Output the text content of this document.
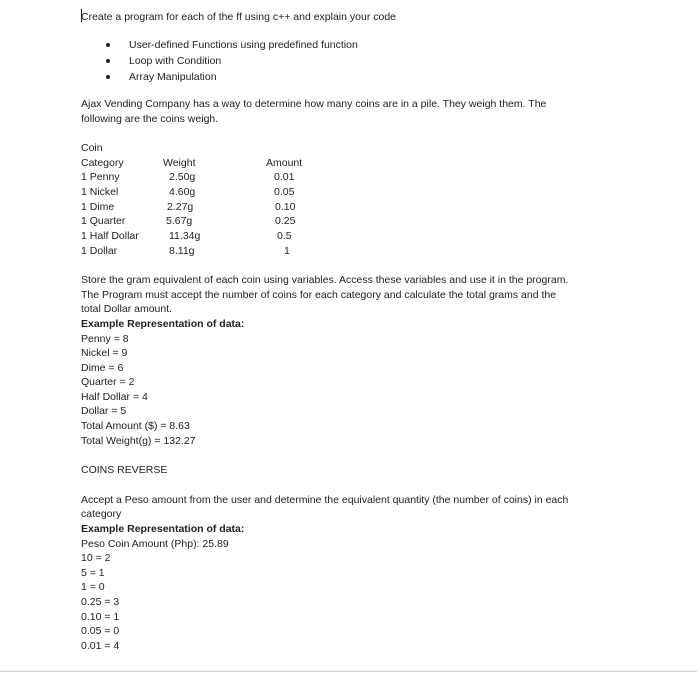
Create a program for each of the ff using c++ and explain your code
User-defined Functions using predefined function
Loop with Condition
Array Manipulation
Ajax Vending Company has a way to determine how many coins are in a pile. They weigh them. The
following are the coins weigh.
Coin
Category	Weight	Amount
1 Penny	2.50g	0.01
1 Nickel	4.60g	0.05
1 Dime	2.27g	0.10
1 Quarter	5.67g	0.25
1 Half Dollar	11.34g	0.5
1 Dollar	8.11g	1
Store the gram equivalent of each coin using variables. Access these variables and use it in the program.
The Program must accept the number of coins for each category and calculate the total grams and the
total Dollar amount.
Example Representation of data:
Penny = 8
Nickel = 9
Dime = 6
Quarter = 2
Half Dollar = 4
Dollar = 5
Total Amount ($) = 8.63
Total Weight(g) = 132.27
COINS REVERSE
Accept a Peso amount from the user and determine the equivalent quantity (the number of coins) in each
category
Example Representation of data:
Peso Coin Amount (Php): 25.89
10 = 2
5 = 1
1 = 0
0.25 = 3
0.10 = 1
0.05 = 0
0.01 = 4
